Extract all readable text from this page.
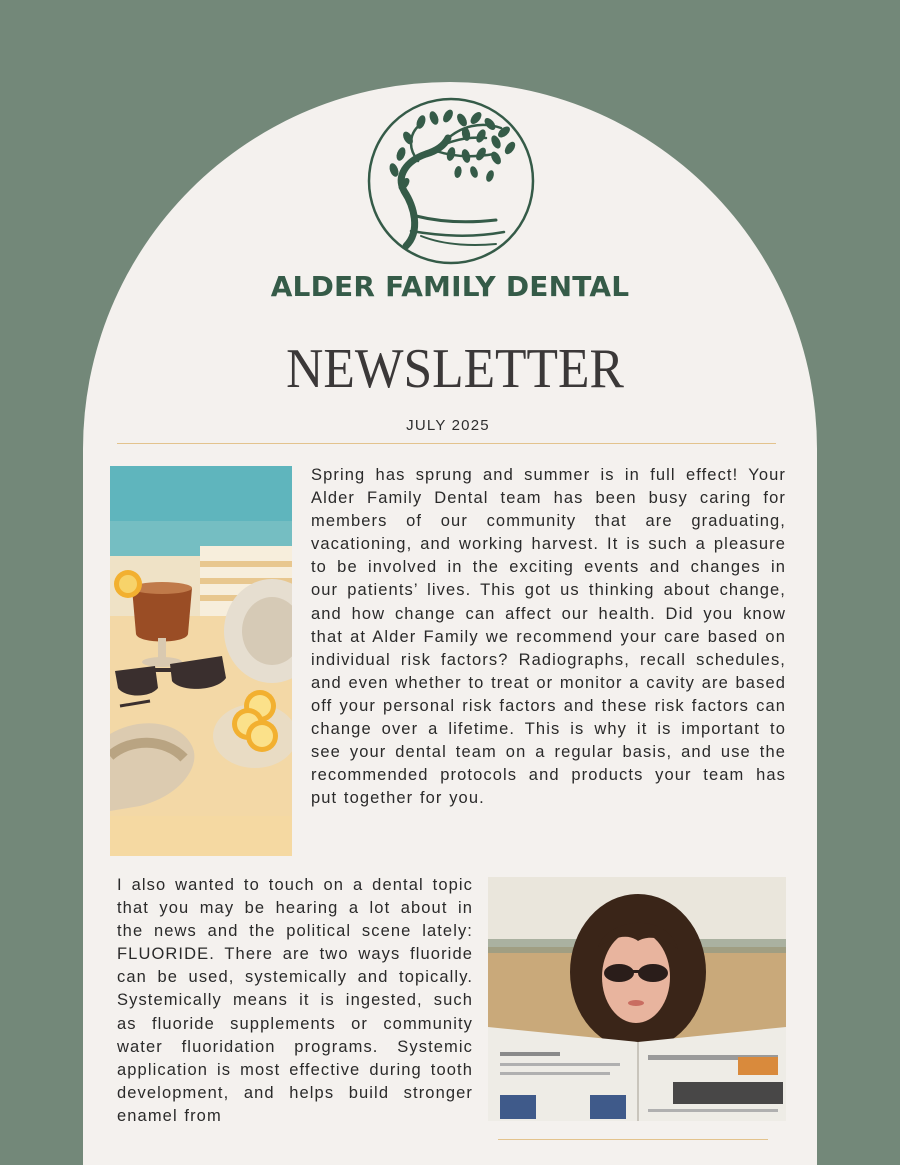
ALDER FAMILY DENTAL
NEWSLETTER
JULY 2025

Spring has sprung and summer is in full effect! Your Alder Family Dental team has been busy caring for members of our community that are graduating, vacationing, and working harvest. It is such a pleasure to be involved in the exciting events and changes in our patients’ lives. This got us thinking about change, and how change can affect our health. Did you know that at Alder Family we recommend your care based on individual risk factors? Radiographs, recall schedules, and even whether to treat or monitor a cavity are based off your personal risk factors and these risk factors can change over a lifetime. This is why it is important to see your dental team on a regular basis, and use the recommended protocols and products your team has put together for you.

I also wanted to touch on a dental topic that you may be hearing a lot about in the news and the political scene lately: FLUORIDE. There are two ways fluoride can be used, systemically and topically. Systemically means it is ingested, such as fluoride supplements or community water fluoridation programs. Systemic application is most effective during tooth development, and helps build stronger enamel from
